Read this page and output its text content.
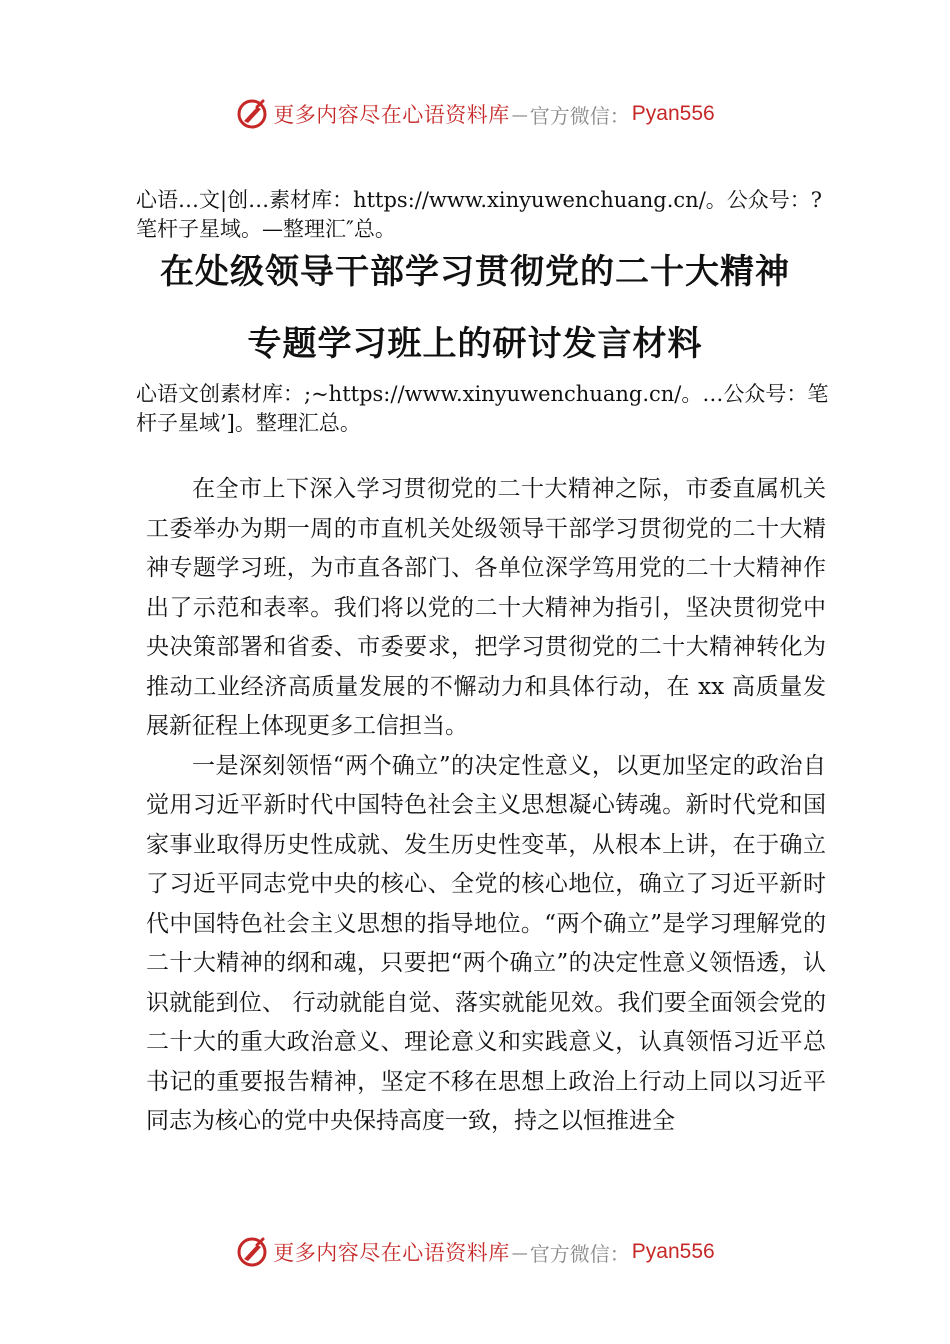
更多内容尽在心语资料库 — 官方微信： Pyan556
心语…文|创…素材库：https://www.xinyuwenchuang.cn/。公众号：?笔杆子星域。—整理汇″总。
在处级领导干部学习贯彻党的二十大精神
专题学习班上的研讨发言材料
心语文创素材库：;~https://www.xinyuwenchuang.cn/。…公众号：笔杆子星域’]。整理汇总。

在全市上下深入学习贯彻党的二十大精神之际，市委直属机关工委举办为期一周的市直机关处级领导干部学习贯彻党的二十大精神专题学习班，为市直各部门、各单位深学笃用党的二十大精神作出了示范和表率。我们将以党的二十大精神为指引，坚决贯彻党中央决策部署和省委、市委要求，把学习贯彻党的二十大精神转化为推动工业经济高质量发展的不懈动力和具体行动，在 xx 高质量发展新征程上体现更多工信担当。

一是深刻领悟“两个确立”的决定性意义，以更加坚定的政治自觉用习近平新时代中国特色社会主义思想凝心铸魂。新时代党和国家事业取得历史性成就、发生历史性变革，从根本上讲，在于确立了习近平同志党中央的核心、全党的核心地位，确立了习近平新时代中国特色社会主义思想的指导地位。“两个确立”是学习理解党的二十大精神的纲和魂，只要把“两个确立”的决定性意义领悟透，认识就能到位、 行动就能自觉、落实就能见效。我们要全面领会党的二十大的重大政治意义、理论意义和实践意义，认真领悟习近平总书记的重要报告精神，坚定不移在思想上政治上行动上同以习近平同志为核心的党中央保持高度一致，持之以恒推进全

更多内容尽在心语资料库 — 官方微信： Pyan556
